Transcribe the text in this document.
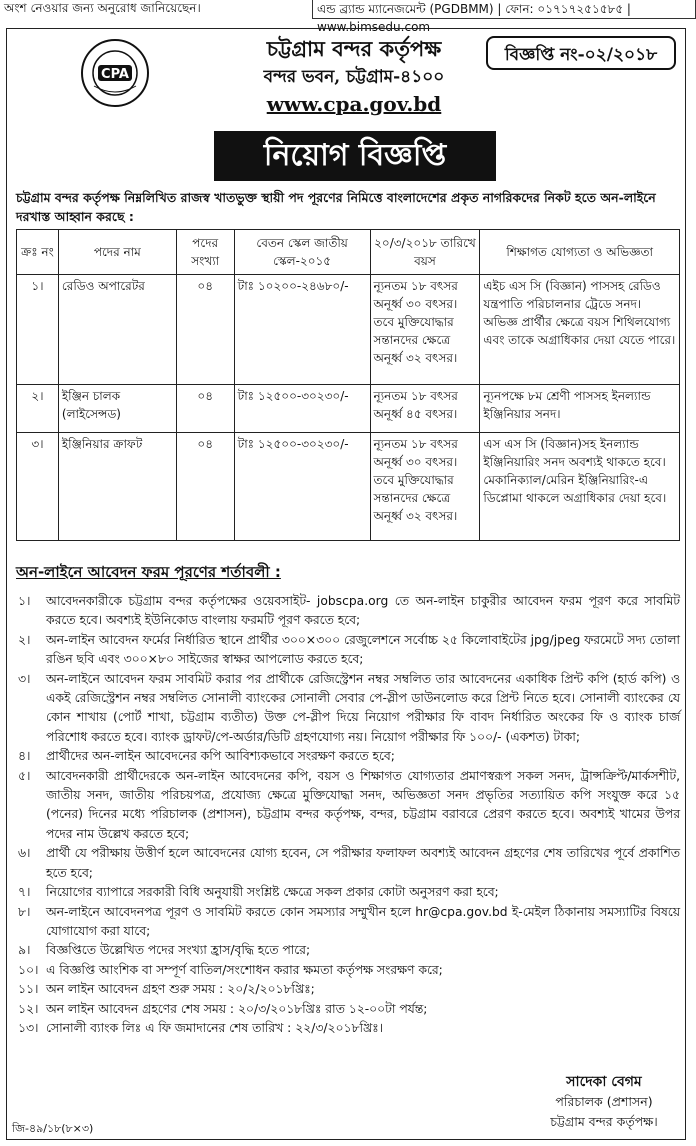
অংশ নেওয়ার জন্য অনুরোধ জানিয়েছেন।	এন্ড ব্র্যান্ড ম্যানেজমেন্ট (PGDBMM) | ফোন: ০১৭১৭২৫১৫৮৫ | www.bimsedu.com
CPA
চট্টগ্রাম বন্দর কর্তৃপক্ষ
বন্দর ভবন, চট্টগ্রাম-৪১০০
www.cpa.gov.bd
বিজ্ঞপ্তি নং-০২/২০১৮
নিয়োগ বিজ্ঞপ্তি
চট্টগ্রাম বন্দর কর্তৃপক্ষ নিম্নলিখিত রাজস্ব খাতভুক্ত স্থায়ী পদ পূরণের নিমিত্তে বাংলাদেশের প্রকৃত নাগরিকদের নিকট হতে অন-লাইনে দরখাস্ত আহ্বান করছে :
ক্রঃ নং	পদের নাম	পদের সংখ্যা	বেতন স্কেল জাতীয় স্কেল-২০১৫	২০/৩/২০১৮ তারিখে বয়স	শিক্ষাগত যোগ্যতা ও অভিজ্ঞতা
১।	রেডিও অপারেটর	০৪	টাঃ ১০২০০-২৪৬৮০/-	ন্যূনতম ১৮ বৎসর অনূর্ধ্ব ৩০ বৎসর। তবে মুক্তিযোদ্ধার সন্তানদের ক্ষেত্রে অনূর্ধ্ব ৩২ বৎসর।	এইচ এস সি (বিজ্ঞান) পাসসহ রেডিও যন্ত্রপাতি পরিচালনার ট্রেডে সনদ। অভিজ্ঞ প্রার্থীর ক্ষেত্রে বয়স শিথিলযোগ্য এবং তাকে অগ্রাধিকার দেয়া যেতে পারে।
২।	ইঞ্জিন চালক (লাইসেন্সড)	০৪	টাঃ ১২৫০০-৩০২৩০/-	ন্যূনতম ১৮ বৎসর অনূর্ধ্ব ৪৫ বৎসর।	ন্যূনপক্ষে ৮ম শ্রেণী পাসসহ ইনল্যান্ড ইঞ্জিনিয়ার সনদ।
৩।	ইঞ্জিনিয়ার ক্রাফট	০৪	টাঃ ১২৫০০-৩০২৩০/-	ন্যূনতম ১৮ বৎসর অনূর্ধ্ব ৩০ বৎসর। তবে মুক্তিযোদ্ধার সন্তানদের ক্ষেত্রে অনূর্ধ্ব ৩২ বৎসর।	এস এস সি (বিজ্ঞান)সহ ইনল্যান্ড ইঞ্জিনিয়ারিং সনদ অবশ্যই থাকতে হবে। মেকানিক্যাল/মেরিন ইঞ্জিনিয়ারিং-এ ডিপ্লোমা থাকলে অগ্রাধিকার দেয়া হবে।
অন-লাইনে আবেদন ফরম পূরণের শর্তাবলী :
১।	আবেদনকারীকে চট্টগ্রাম বন্দর কর্তৃপক্ষের ওয়েবসাইট- jobscpa.org তে অন-লাইন চাকুরীর আবেদন ফরম পূরণ করে সাবমিট করতে হবে। অবশ্যই ইউনিকোড বাংলায় ফরমটি পূরণ করতে হবে;
২।	অন-লাইন আবেদন ফর্মের নির্ধারিত স্থানে প্রার্থীর ৩০০×৩০০ রেজুলেশনে সর্বোচ্চ ২৫ কিলোবাইটের jpg/jpeg ফরমেটে সদ্য তোলা রঙিন ছবি এবং ৩০০×৮০ সাইজের স্বাক্ষর আপলোড করতে হবে;
৩।	অন-লাইনে আবেদন ফরম সাবমিট করার পর প্রার্থীকে রেজিস্ট্রেশন নম্বর সম্বলিত তার আবেদনের একাধিক প্রিন্ট কপি (হার্ড কপি) ও একই রেজিস্ট্রেশন নম্বর সম্বলিত সোনালী ব্যাংকের সোনালী সেবার পে-স্লীপ ডাউনলোড করে প্রিন্ট নিতে হবে। সোনালী ব্যাংকের যে কোন শাখায় (পোর্ট শাখা, চট্টগ্রাম ব্যতীত) উক্ত পে-স্লীপ দিয়ে নিয়োগ পরীক্ষার ফি বাবদ নির্ধারিত অংকের ফি ও ব্যাংক চার্জ পরিশোধ করতে হবে। ব্যাংক ড্রাফট/পে-অর্ডার/ডিটি গ্রহণযোগ্য নয়। নিয়োগ পরীক্ষার ফি ১০০/- (একশত) টাকা;
৪।	প্রার্থীদের অন-লাইন আবেদনের কপি আবিশ্যকভাবে সংরক্ষণ করতে হবে;
৫।	আবেদনকারী প্রার্থীদেরকে অন-লাইন আবেদনের কপি, বয়স ও শিক্ষাগত যোগ্যতার প্রমাণস্বরূপ সকল সনদ, ট্রান্সক্রিপ্ট/মার্কসশীট, জাতীয় সনদ, জাতীয় পরিচয়পত্র, প্রযোজ্য ক্ষেত্রে মুক্তিযোদ্ধা সনদ, অভিজ্ঞতা সনদ প্রভৃতির সত্যায়িত কপি সংযুক্ত করে ১৫ (পনের) দিনের মধ্যে পরিচালক (প্রশাসন), চট্টগ্রাম বন্দর কর্তৃপক্ষ, বন্দর, চট্টগ্রাম বরাবরে প্রেরণ করতে হবে। অবশ্যই খামের উপর পদের নাম উল্লেখ করতে হবে;
৬।	প্রার্থী যে পরীক্ষায় উত্তীর্ণ হলে আবেদনের যোগ্য হবেন, সে পরীক্ষার ফলাফল অবশ্যই আবেদন গ্রহণের শেষ তারিখের পূর্বে প্রকাশিত হতে হবে;
৭।	নিয়োগের ব্যাপারে সরকারী বিধি অনুযায়ী সংশ্লিষ্ট ক্ষেত্রে সকল প্রকার কোটা অনুসরণ করা হবে;
৮।	অন-লাইনে আবেদনপত্র পূরণ ও সাবমিট করতে কোন সমস্যার সম্মুখীন হলে hr@cpa.gov.bd ই-মেইল ঠিকানায় সমস্যাটির বিষয়ে যোগাযোগ করা যাবে;
৯।	বিজ্ঞপ্তিতে উল্লেখিত পদের সংখ্যা হ্রাস/বৃদ্ধি হতে পারে;
১০। এ বিজ্ঞপ্তি আংশিক বা সম্পূর্ণ বাতিল/সংশোধন করার ক্ষমতা কর্তৃপক্ষ সংরক্ষণ করে;
১১। অন লাইন আবেদন গ্রহণ শুরু সময় : ২০/২/২০১৮খ্রিঃ;
১২। অন লাইন আবেদন গ্রহণের শেষ সময় : ২০/৩/২০১৮খ্রিঃ রাত ১২-০০টা পর্যন্ত;
১৩। সোনালী ব্যাংক লিঃ এ ফি জমাদানের শেষ তারিখ : ২২/৩/২০১৮খ্রিঃ।
সাদেকা বেগম
পরিচালক (প্রশাসন)
চট্টগ্রাম বন্দর কর্তৃপক্ষ।
জি-৪৯/১৮(৮×৩)
